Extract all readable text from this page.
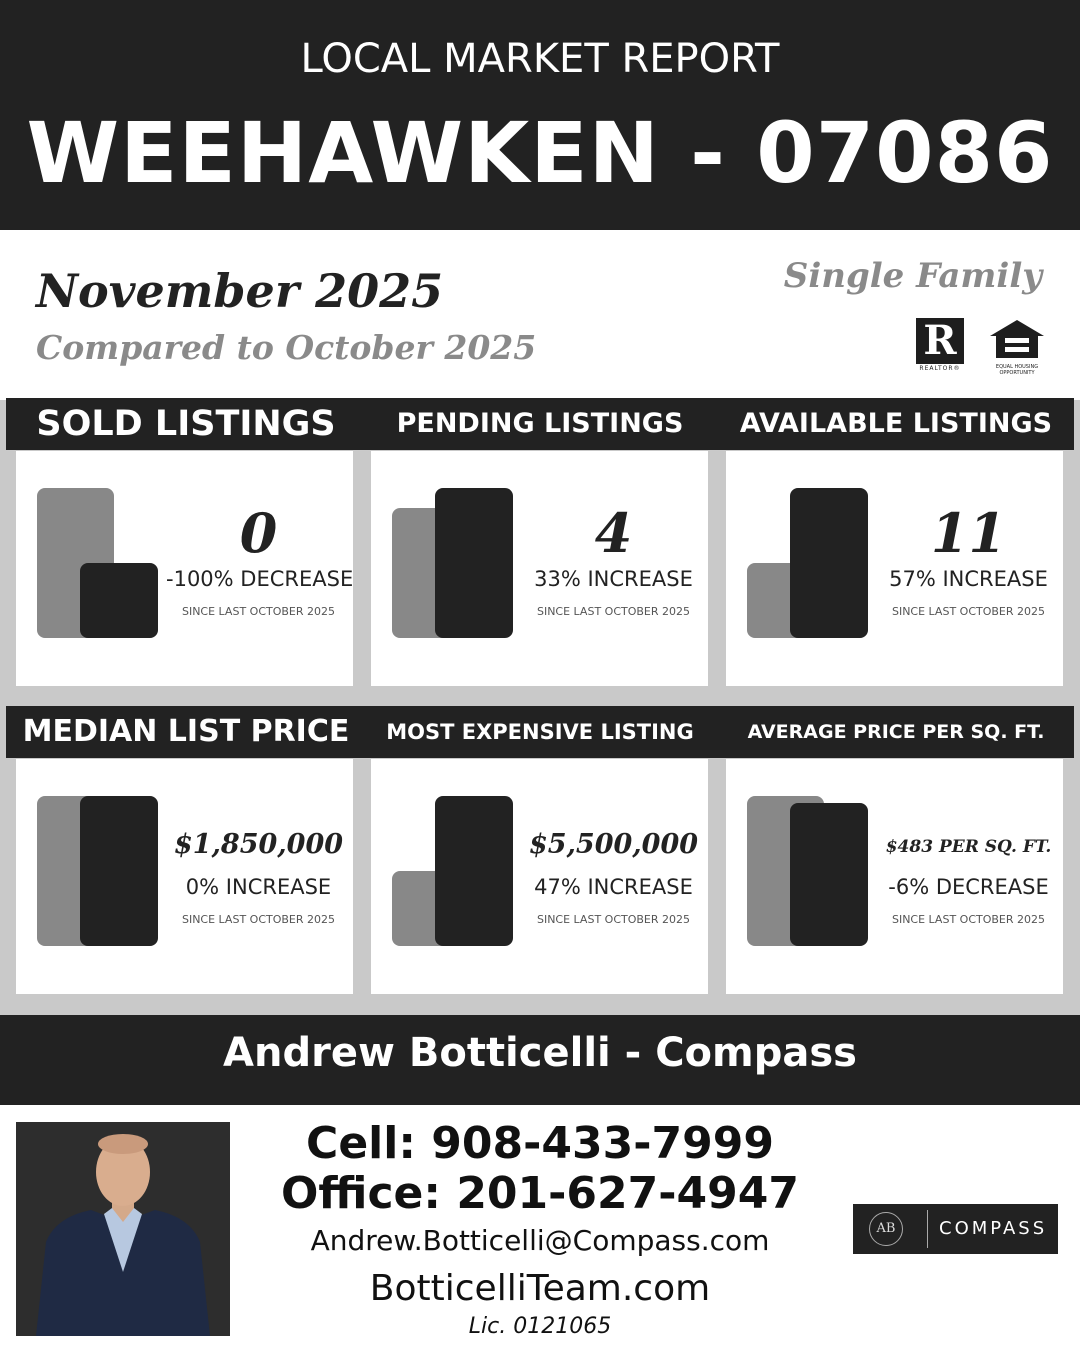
LOCAL MARKET REPORT
WEEHAWKEN - 07086
November 2025
Compared to October 2025
Single Family
R
REALTOR®	EQUAL HOUSING
OPPORTUNITY
SOLD LISTINGS	PENDING LISTINGS	AVAILABLE LISTINGS
MEDIAN LIST PRICE	MOST EXPENSIVE LISTING	AVERAGE PRICE PER SQ. FT.
0
-100% DECREASE
SINCE LAST OCTOBER 2025
4
33% INCREASE
SINCE LAST OCTOBER 2025
11
57% INCREASE
SINCE LAST OCTOBER 2025
$1,850,000
0% INCREASE
SINCE LAST OCTOBER 2025
$5,500,000
47% INCREASE
SINCE LAST OCTOBER 2025
$483 PER SQ. FT.
-6% DECREASE
SINCE LAST OCTOBER 2025
Andrew Botticelli - Compass
Cell: 908-433-7999
Office: 201-627-4947
Andrew.Botticelli@Compass.com
BotticelliTeam.com
Lic. 0121065
AB	COMPASS
